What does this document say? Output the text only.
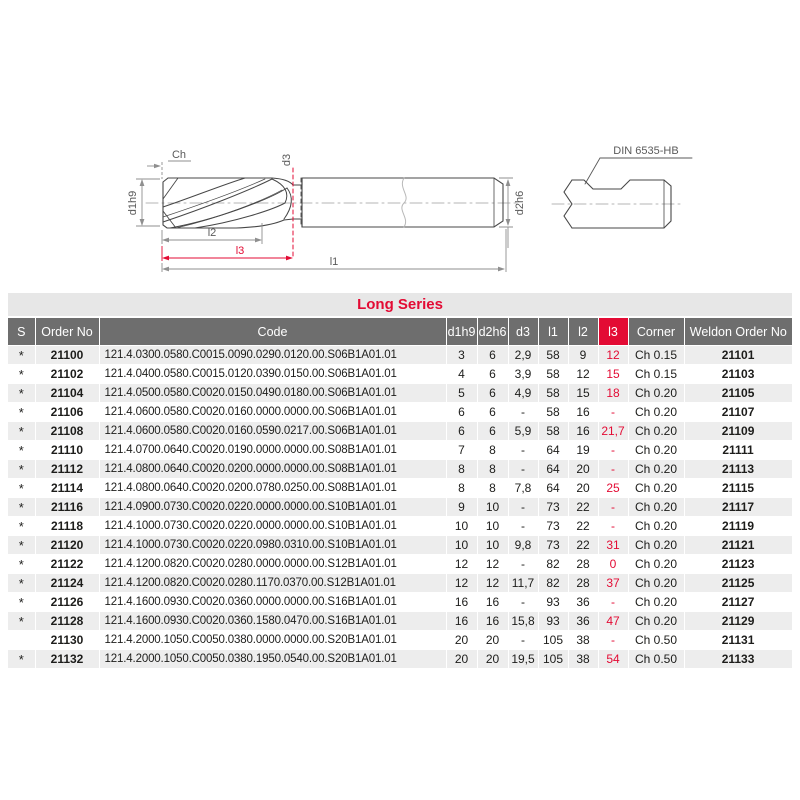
Ch
d1h9
d3
d2h6
l2
l3
l1
DIN 6535-HB
Long Series										
S	Order No	Code	d1h9	d2h6	d3	l1	l2	l3	Corner	Weldon Order No
*	21100	121.4.0300.0580.C0015.0090.0290.0120.00.S06B1A01.01	3	6	2,9	58	9	12	Ch 0.15	21101
*	21102	121.4.0400.0580.C0015.0120.0390.0150.00.S06B1A01.01	4	6	3,9	58	12	15	Ch 0.15	21103
*	21104	121.4.0500.0580.C0020.0150.0490.0180.00.S06B1A01.01	5	6	4,9	58	15	18	Ch 0.20	21105
*	21106	121.4.0600.0580.C0020.0160.0000.0000.00.S06B1A01.01	6	6	-	58	16	-	Ch 0.20	21107
*	21108	121.4.0600.0580.C0020.0160.0590.0217.00.S06B1A01.01	6	6	5,9	58	16	21,7	Ch 0.20	21109
*	21110	121.4.0700.0640.C0020.0190.0000.0000.00.S08B1A01.01	7	8	-	64	19	-	Ch 0.20	21111
*	21112	121.4.0800.0640.C0020.0200.0000.0000.00.S08B1A01.01	8	8	-	64	20	-	Ch 0.20	21113
*	21114	121.4.0800.0640.C0020.0200.0780.0250.00.S08B1A01.01	8	8	7,8	64	20	25	Ch 0.20	21115
*	21116	121.4.0900.0730.C0020.0220.0000.0000.00.S10B1A01.01	9	10	-	73	22	-	Ch 0.20	21117
*	21118	121.4.1000.0730.C0020.0220.0000.0000.00.S10B1A01.01	10	10	-	73	22	-	Ch 0.20	21119
*	21120	121.4.1000.0730.C0020.0220.0980.0310.00.S10B1A01.01	10	10	9,8	73	22	31	Ch 0.20	21121
*	21122	121.4.1200.0820.C0020.0280.0000.0000.00.S12B1A01.01	12	12	-	82	28	0	Ch 0.20	21123
*	21124	121.4.1200.0820.C0020.0280.1170.0370.00.S12B1A01.01	12	12	11,7	82	28	37	Ch 0.20	21125
*	21126	121.4.1600.0930.C0020.0360.0000.0000.00.S16B1A01.01	16	16	-	93	36	-	Ch 0.20	21127
*	21128	121.4.1600.0930.C0020.0360.1580.0470.00.S16B1A01.01	16	16	15,8	93	36	47	Ch 0.20	21129
	21130	121.4.2000.1050.C0050.0380.0000.0000.00.S20B1A01.01	20	20	-	105	38	-	Ch 0.50	21131
*	21132	121.4.2000.1050.C0050.0380.1950.0540.00.S20B1A01.01	20	20	19,5	105	38	54	Ch 0.50	21133
